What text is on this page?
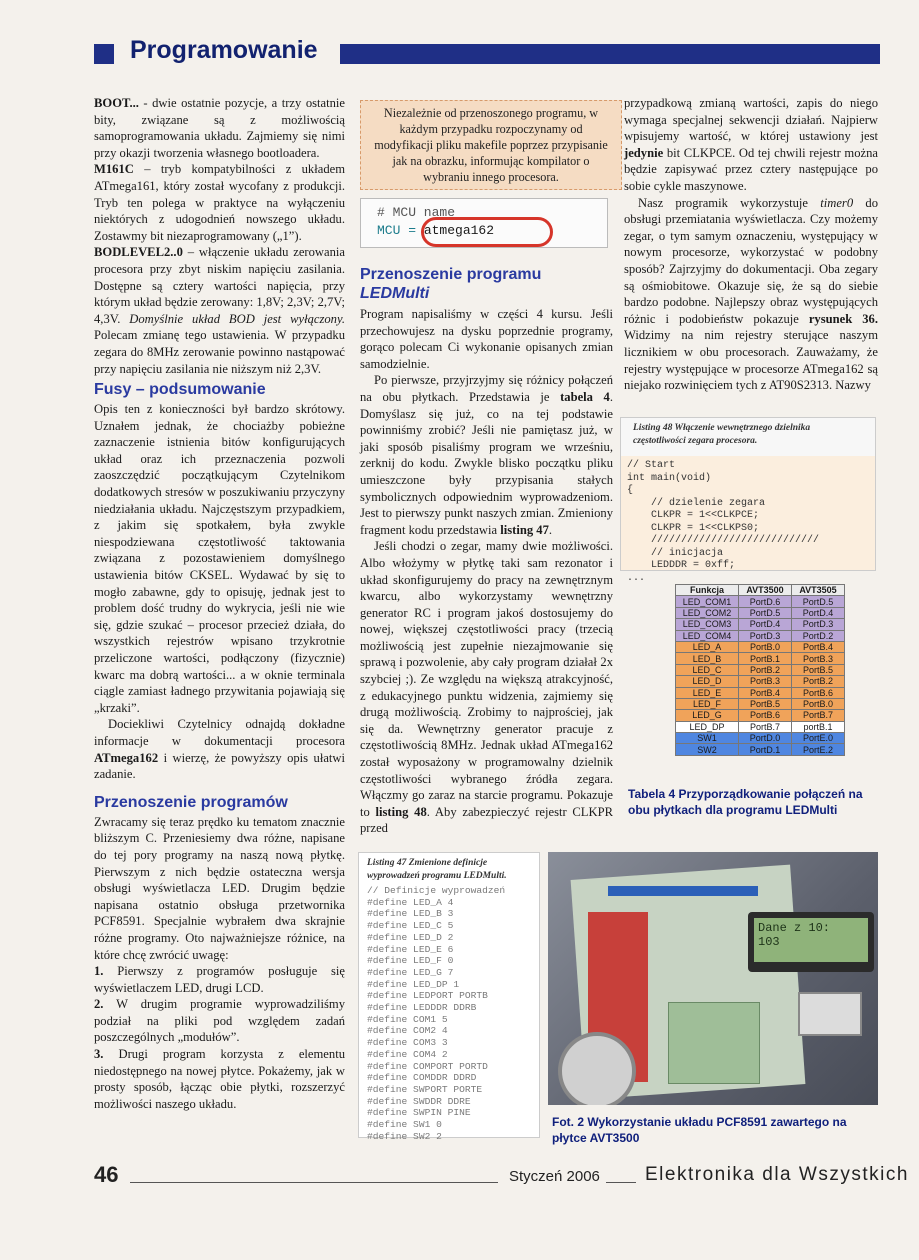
Programowanie

BOOT... - dwie ostatnie pozycje, a trzy ostatnie bity, związane są z możliwością samoprogramowania układu. Zajmiemy się nimi przy okazji tworzenia własnego bootloadera.

M161C – tryb kompatybilności z układem ATmega161, który został wycofany z produkcji. Tryb ten polega w praktyce na wyłączeniu niektórych z udogodnień nowszego układu. Zostawmy bit niezaprogramowany („1”).

BODLEVEL2..0 – włączenie układu zerowania procesora przy zbyt niskim napięciu zasilania. Dostępne są cztery wartości napięcia, przy którym układ będzie zerowany: 1,8V; 2,3V; 2,7V; 4,3V. Domyślnie układ BOD jest wyłączony. Polecam zmianę tego ustawienia. W przypadku zegara do 8MHz zerowanie powinno nastąpować przy napięciu zasilania nie niższym niż 2,3V.

Fusy – podsumowanie

Opis ten z konieczności był bardzo skrótowy. Uznałem jednak, że chociażby pobieżne zaznaczenie istnienia bitów konfigurujących układ oraz ich przeznaczenia pozwoli zaoszczędzić początkującym Czytelnikom dodatkowych stresów w poszukiwaniu przyczyny niedziałania układu. Najczęstszym przypadkiem, z jakim się spotkałem, była zwykle niespodziewana częstotliwość taktowania związana z pozostawieniem domyślnego ustawienia bitów CKSEL. Wydawać by się to mogło zabawne, gdy to opisuję, jednak jest to problem dość trudny do wykrycia, jeśli nie wie się, gdzie szukać – procesor przecież działa, do wszystkich rejestrów wpisano trzykrotnie przeliczone wartości, podłączony (fizycznie) kwarc ma dobrą wartości... a w oknie terminala ciągle zamiast ładnego przywitania pojawiają się „krzaki”.

Dociekliwi Czytelnicy odnajdą dokładne informacje w dokumentacji procesora ATmega162 i wierzę, że powyższy opis ułatwi zadanie.

Przenoszenie programów

Zwracamy się teraz prędko ku tematom znacznie bliższym C. Przeniesiemy dwa różne, napisane do tej pory programy na naszą nową płytkę. Pierwszym z nich będzie ostateczna wersja obsługi wyświetlacza LED. Drugim będzie napisana ostatnio obsługa przetwornika PCF8591. Specjalnie wybrałem dwa skrajnie różne programy. Oto najważniejsze różnice, na które chcę zwrócić uwagę:

1. Pierwszy z programów posługuje się wyświetlaczem LED, drugi LCD.

2. W drugim programie wyprowadziliśmy podział na pliki pod względem zadań poszczególnych „modułów”.

3. Drugi program korzysta z elementu niedostępnego na nowej płytce. Pokażemy, jak w prosty sposób, łącząc obie płytki, rozszerzyć możliwości naszego układu.

Niezależnie od przenoszonego programu, w każdym przypadku rozpoczynamy od modyfikacji pliku makefile poprzez przypisanie jak na obrazku, informując kompilator o wybraniu innego procesora.
# MCU name
MCU = atmega162
Przenoszenie programu
LEDMulti

Program napisaliśmy w części 4 kursu. Jeśli przechowujesz na dysku poprzednie programy, gorąco polecam Ci wykonanie opisanych zmian samodzielnie.

Po pierwsze, przyjrzyjmy się różnicy połączeń na obu płytkach. Przedstawia je tabela 4. Domyślasz się już, co na tej podstawie powinniśmy zrobić? Jeśli nie pamiętasz już, w jaki sposób pisaliśmy program we wrześniu, zerknij do kodu. Zwykle blisko początku pliku umieszczone były przypisania stałych symbolicznych odpowiednim wyprowadzeniom. Jest to pierwszy punkt naszych zmian. Zmieniony fragment kodu przedstawia listing 47.

Jeśli chodzi o zegar, mamy dwie możliwości. Albo włożymy w płytkę taki sam rezonator i układ skonfigurujemy do pracy na zewnętrznym kwarcu, albo wykorzystamy wewnętrzny generator RC i program jakoś dostosujemy do nowej, większej częstotliwości pracy (trzecią możliwością jest zupełnie niezajmowanie się sprawą i pozwolenie, aby cały program działał 2x szybciej ;). Ze względu na większą atrakcyjność, z edukacyjnego punktu widzenia, zajmiemy się drugą możliwością. Zrobimy to najprościej, jak się da. Wewnętrzny generator pracuje z częstotliwością 8MHz. Jednak układ ATmega162 został wyposażony w programowalny dzielnik częstotliwości wybranego źródła zegara. Włączmy go zaraz na starcie programu. Pokazuje to listing 48. Aby zabezpieczyć rejestr CLKPR przed

Listing 47 Zmienione definicje wyprowadzeń programu LEDMulti.
// Definicje wyprowadzeń
#define LED_A 4
#define LED_B 3
#define LED_C 5
#define LED_D 2
#define LED_E 6
#define LED_F 0
#define LED_G 7
#define LED_DP 1
#define LEDPORT PORTB
#define LEDDDR DDRB
#define COM1 5
#define COM2 4
#define COM3 3
#define COM4 2
#define COMPORT PORTD
#define COMDDR DDRD
#define SWPORT PORTE
#define SWDDR DDRE
#define SWPIN PINE
#define SW1 0
#define SW2 2

przypadkową zmianą wartości, zapis do niego wymaga specjalnej sekwencji działań. Najpierw wpisujemy wartość, w której ustawiony jest jedynie bit CLKPCE. Od tej chwili rejestr można będzie zapisywać przez cztery następujące po sobie cykle maszynowe.

Nasz programik wykorzystuje timer0 do obsługi przemiatania wyświetlacza. Czy możemy zegar, o tym samym oznaczeniu, występujący w nowym procesorze, wykorzystać w podobny sposób? Zajrzyjmy do dokumentacji. Oba zegary są ośmiobitowe. Okazuje się, że są do siebie bardzo podobne. Najlepszy obraz występujących różnic i podobieństw pokazuje rysunek 36. Widzimy na nim rejestry sterujące naszym licznikiem w obu procesorach. Zauważamy, że rejestry występujące w procesorze ATmega162 są niejako rozwinięciem tych z AT90S2313. Nazwy

Listing 48 Włączenie wewnętrznego dzielnika częstotliwości zegara procesora.
// Start
int main(void)
{
// dzielenie zegara
CLKPR = 1<<CLKPCE;
CLKPR = 1<<CLKPS0;
////////////////////////////
// inicjacja
LEDDDR = 0xff;
...
Funkcja	AVT3500	AVT3505
LED_COM1	PortD.6	PortD.5
LED_COM2	PortD.5	PortD.4
LED_COM3	PortD.4	PortD.3
LED_COM4	PortD.3	PortD.2
LED_A	PortB.0	PortB.4
LED_B	PortB.1	PortB.3
LED_C	PortB.2	PortB.5
LED_D	PortB.3	PortB.2
LED_E	PortB.4	PortB.6
LED_F	PortB.5	PortB.0
LED_G	PortB.6	PortB.7
LED_DP	PortB.7	portB.1
SW1	PortD.0	PortE.0
SW2	PortD.1	PortE.2
Tabela 4 Przyporządkowanie połączeń na obu płytkach dla programu LEDMulti
Dane z 10:
103
Fot. 2 Wykorzystanie układu PCF8591 zawartego na płytce AVT3500
46	Styczeń 2006 Elektronika dla Wszystkich
